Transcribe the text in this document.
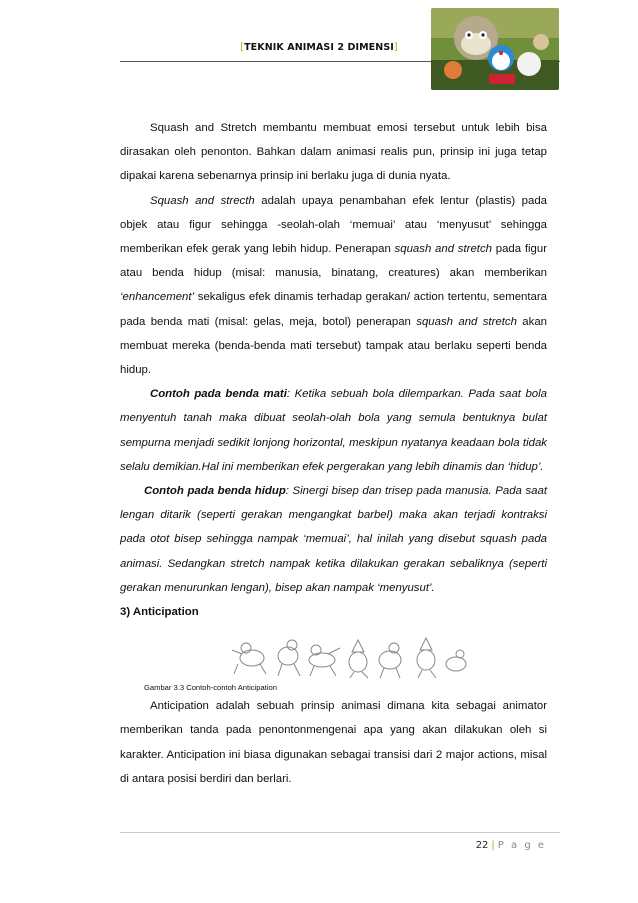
[TEKNIK ANIMASI 2 DIMENSI]

Squash and Stretch membantu membuat emosi tersebut untuk lebih bisa dirasakan oleh penonton. Bahkan dalam animasi realis pun, prinsip ini juga tetap dipakai karena sebenarnya prinsip ini berlaku juga di dunia nyata.

Squash and strecth adalah upaya penambahan efek lentur (plastis) pada objek atau figur sehingga -seolah-olah ‘memuai’ atau ‘menyusut’ sehingga memberikan efek gerak yang lebih hidup. Penerapan squash and stretch pada figur atau benda hidup (misal: manusia, binatang, creatures) akan memberikan ‘enhancement’ sekaligus efek dinamis terhadap gerakan/ action tertentu, sementara pada benda mati (misal: gelas, meja, botol) penerapan squash and stretch akan membuat mereka (benda-benda mati tersebut) tampak atau berlaku seperti benda hidup.

Contoh pada benda mati: Ketika sebuah bola dilemparkan. Pada saat bola menyentuh tanah maka dibuat seolah-olah bola yang semula bentuknya bulat sempurna menjadi sedikit lonjong horizontal, meskipun nyatanya keadaan bola tidak selalu demikian.Hal ini memberikan efek pergerakan yang lebih dinamis dan ‘hidup’.

Contoh pada benda hidup: Sinergi bisep dan trisep pada manusia. Pada saat lengan ditarik (seperti gerakan mengangkat barbel) maka akan terjadi kontraksi pada otot bisep sehingga nampak ‘memuai’, hal inilah yang disebut squash pada animasi. Sedangkan stretch nampak ketika dilakukan gerakan sebaliknya (seperti gerakan menurunkan lengan), bisep akan nampak ‘menyusut’.

3) Anticipation

Gambar 3.3 Contoh-contoh Anticipation

Anticipation adalah sebuah prinsip animasi dimana kita sebagai animator memberikan tanda pada penontonmengenai apa yang akan dilakukan oleh si karakter. Anticipation ini biasa digunakan sebagai transisi dari 2 major actions, misal di antara posisi berdiri dan berlari.

22 | P a g e
